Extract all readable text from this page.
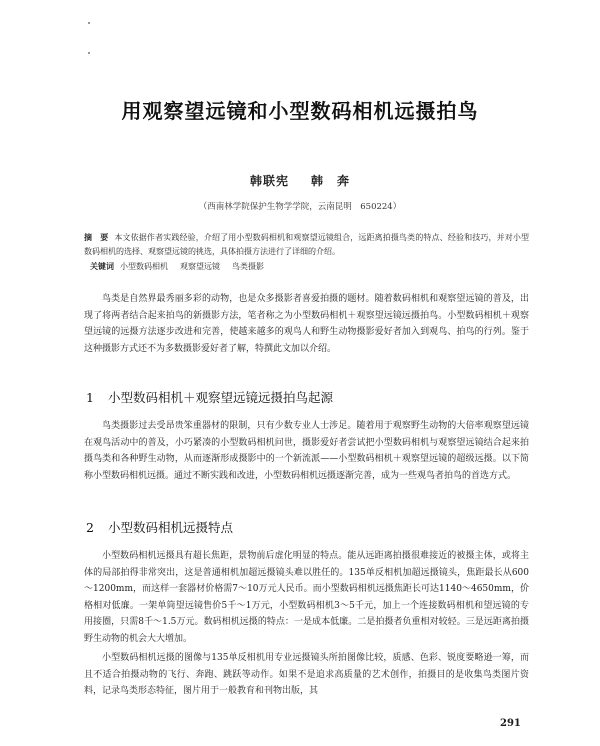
用观察望远镜和小型数码相机远摄拍鸟
韩联宪 韩　奔
（西南林学院保护生物学学院，云南昆明　650224）
摘　要 本文依据作者实践经验，介绍了用小型数码相机和观察望远镜组合，远距离拍摄鸟类的特点、经验和技巧，并对小型数码相机的选择、观察望远镜的挑选，具体拍摄方法进行了详细的介绍。
关键词 小型数码相机 观察望远镜 鸟类摄影
鸟类是自然界最秀丽多彩的动物，也是众多摄影者喜爱拍摄的题材。随着数码相机和观察望远镜的普及，出现了将两者结合起来拍鸟的新摄影方法，笔者称之为小型数码相机＋观察望远镜远摄拍鸟。小型数码相机＋观察望远镜的远摄方法逐步改进和完善，使越来越多的观鸟人和野生动物摄影爱好者加入到观鸟、拍鸟的行列。鉴于这种摄影方式还不为多数摄影爱好者了解，特撰此文加以介绍。
1 小型数码相机＋观察望远镜远摄拍鸟起源
鸟类摄影过去受昂贵笨重器材的限制，只有少数专业人士涉足。随着用于观察野生动物的大倍率观察望远镜在观鸟活动中的普及，小巧紧凑的小型数码相机问世，摄影爱好者尝试把小型数码相机与观察望远镜结合起来拍摄鸟类和各种野生动物，从而逐渐形成摄影中的一个新流派——小型数码相机＋观察望远镜的超级远摄。以下简称小型数码相机远摄。通过不断实践和改进，小型数码相机远摄逐渐完善，成为一些观鸟者拍鸟的首选方式。
2 小型数码相机远摄特点
小型数码相机远摄具有超长焦距，景物前后虚化明显的特点。能从远距离拍摄很难接近的被摄主体，或将主体的局部拍得非常突出，这是普通相机加超远摄镜头难以胜任的。135单反相机加超远摄镜头，焦距最长从600～1200mm，而这样一套器材价格需7～10万元人民币。而小型数码相机远摄焦距长可达1140～4650mm，价格相对低廉。一架单筒望远镜售价5千～1万元，小型数码相机3～5千元，加上一个连接数码相机和望远镜的专用接圈，只需8千～1.5万元。数码相机远摄的特点：一是成本低廉。二是拍摄者负重相对较轻。三是远距离拍摄野生动物的机会大大增加。
小型数码相机远摄的图像与135单反相机用专业远摄镜头所拍图像比较，质感、色彩、锐度要略逊一筹，而且不适合拍摄动物的飞行、奔跑、跳跃等动作。如果不是追求高质量的艺术创作，拍摄目的是收集鸟类图片资料，记录鸟类形态特征，图片用于一般教育和刊物出版，其
291
